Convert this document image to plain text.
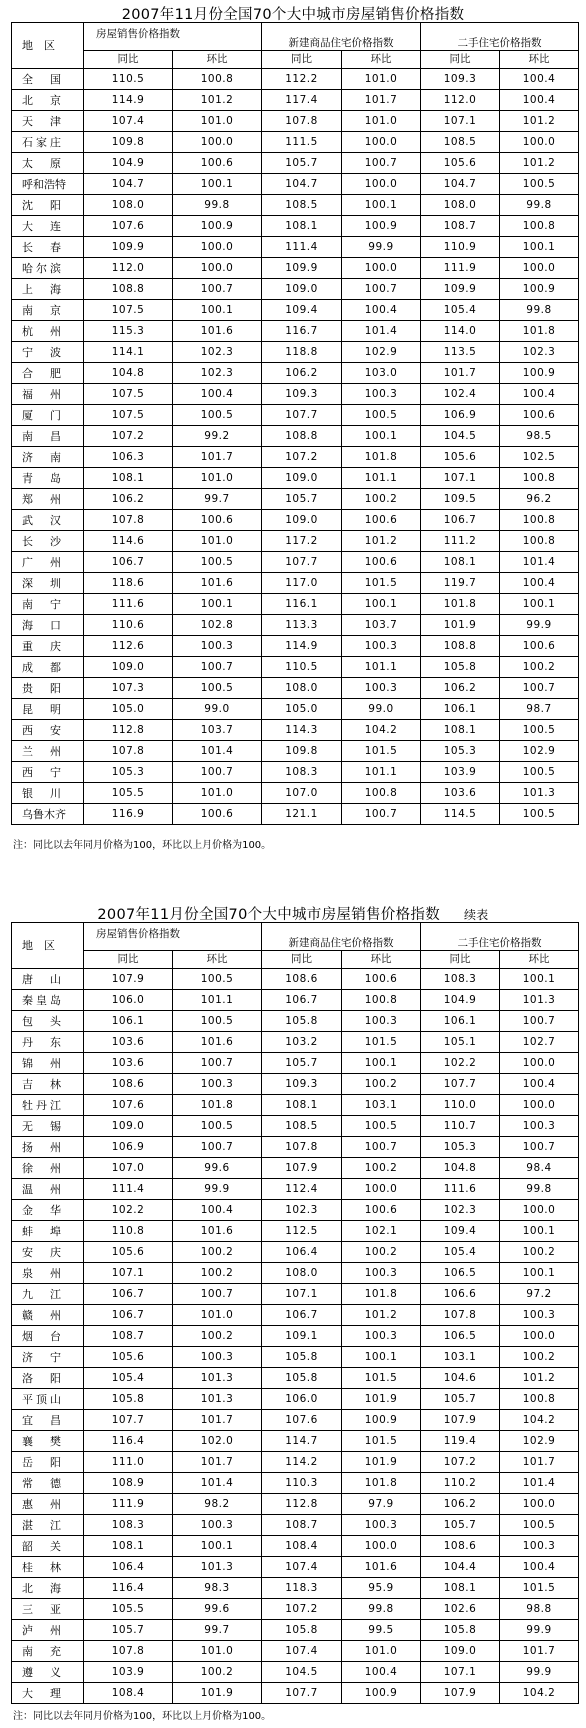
2007年11月份全国70个大中城市房屋销售价格指数
地　区	房屋销售价格指数		新建商品住宅价格指数		二手住宅价格指数	
	同比	环比	同比	环比	同比	环比
全国	110.5	100.8	112.2	101.0	109.3	100.4
北京	114.9	101.2	117.4	101.7	112.0	100.4
天津	107.4	101.0	107.8	101.0	107.1	101.2
石家庄	109.8	100.0	111.5	100.0	108.5	100.0
太原	104.9	100.6	105.7	100.7	105.6	101.2
呼和浩特	104.7	100.1	104.7	100.0	104.7	100.5
沈阳	108.0	99.8	108.5	100.1	108.0	99.8
大连	107.6	100.9	108.1	100.9	108.7	100.8
长春	109.9	100.0	111.4	99.9	110.9	100.1
哈尔滨	112.0	100.0	109.9	100.0	111.9	100.0
上海	108.8	100.7	109.0	100.7	109.9	100.9
南京	107.5	100.1	109.4	100.4	105.4	99.8
杭州	115.3	101.6	116.7	101.4	114.0	101.8
宁波	114.1	102.3	118.8	102.9	113.5	102.3
合肥	104.8	102.3	106.2	103.0	101.7	100.9
福州	107.5	100.4	109.3	100.3	102.4	100.4
厦门	107.5	100.5	107.7	100.5	106.9	100.6
南昌	107.2	99.2	108.8	100.1	104.5	98.5
济南	106.3	101.7	107.2	101.8	105.6	102.5
青岛	108.1	101.0	109.0	101.1	107.1	100.8
郑州	106.2	99.7	105.7	100.2	109.5	96.2
武汉	107.8	100.6	109.0	100.6	106.7	100.8
长沙	114.6	101.0	117.2	101.2	111.2	100.8
广州	106.7	100.5	107.7	100.6	108.1	101.4
深圳	118.6	101.6	117.0	101.5	119.7	100.4
南宁	111.6	100.1	116.1	100.1	101.8	100.1
海口	110.6	102.8	113.3	103.7	101.9	99.9
重庆	112.6	100.3	114.9	100.3	108.8	100.6
成都	109.0	100.7	110.5	101.1	105.8	100.2
贵阳	107.3	100.5	108.0	100.3	106.2	100.7
昆明	105.0	99.0	105.0	99.0	106.1	98.7
西安	112.8	103.7	114.3	104.2	108.1	100.5
兰州	107.8	101.4	109.8	101.5	105.3	102.9
西宁	105.3	100.7	108.3	101.1	103.9	100.5
银川	105.5	101.0	107.0	100.8	103.6	101.3
乌鲁木齐	116.9	100.6	121.1	100.7	114.5	100.5
注：同比以去年同月价格为100，环比以上月价格为100。
2007年11月份全国70个大中城市房屋销售价格指数 续表
地　区	房屋销售价格指数		新建商品住宅价格指数		二手住宅价格指数	
	同比	环比	同比	环比	同比	环比
唐山	107.9	100.5	108.6	100.6	108.3	100.1
秦皇岛	106.0	101.1	106.7	100.8	104.9	101.3
包头	106.1	100.5	105.8	100.3	106.1	100.7
丹东	103.6	101.6	103.2	101.5	105.1	102.7
锦州	103.6	100.7	105.7	100.1	102.2	100.0
吉林	108.6	100.3	109.3	100.2	107.7	100.4
牡丹江	107.6	101.8	108.1	103.1	110.0	100.0
无锡	109.0	100.5	108.5	100.5	110.7	100.3
扬州	106.9	100.7	107.8	100.7	105.3	100.7
徐州	107.0	99.6	107.9	100.2	104.8	98.4
温州	111.4	99.9	112.4	100.0	111.6	99.8
金华	102.2	100.4	102.3	100.6	102.3	100.0
蚌埠	110.8	101.6	112.5	102.1	109.4	100.1
安庆	105.6	100.2	106.4	100.2	105.4	100.2
泉州	107.1	100.2	108.0	100.3	106.5	100.1
九江	106.7	100.7	107.1	101.8	106.6	97.2
赣州	106.7	101.0	106.7	101.2	107.8	100.3
烟台	108.7	100.2	109.1	100.3	106.5	100.0
济宁	105.6	100.3	105.8	100.1	103.1	100.2
洛阳	105.4	101.3	105.8	101.5	104.6	101.2
平顶山	105.8	101.3	106.0	101.9	105.7	100.8
宜昌	107.7	101.7	107.6	100.9	107.9	104.2
襄樊	116.4	102.0	114.7	101.5	119.4	102.9
岳阳	111.0	101.7	114.2	101.9	107.2	101.7
常德	108.9	101.4	110.3	101.8	110.2	101.4
惠州	111.9	98.2	112.8	97.9	106.2	100.0
湛江	108.3	100.3	108.7	100.3	105.7	100.5
韶关	108.1	100.1	108.4	100.0	108.6	100.3
桂林	106.4	101.3	107.4	101.6	104.4	100.4
北海	116.4	98.3	118.3	95.9	108.1	101.5
三亚	105.5	99.6	107.2	99.8	102.6	98.8
泸州	105.7	99.7	105.8	99.5	105.8	99.9
南充	107.8	101.0	107.4	101.0	109.0	101.7
遵义	103.9	100.2	104.5	100.4	107.1	99.9
大理	108.4	101.9	107.7	100.9	107.9	104.2
注：同比以去年同月价格为100，环比以上月价格为100。
